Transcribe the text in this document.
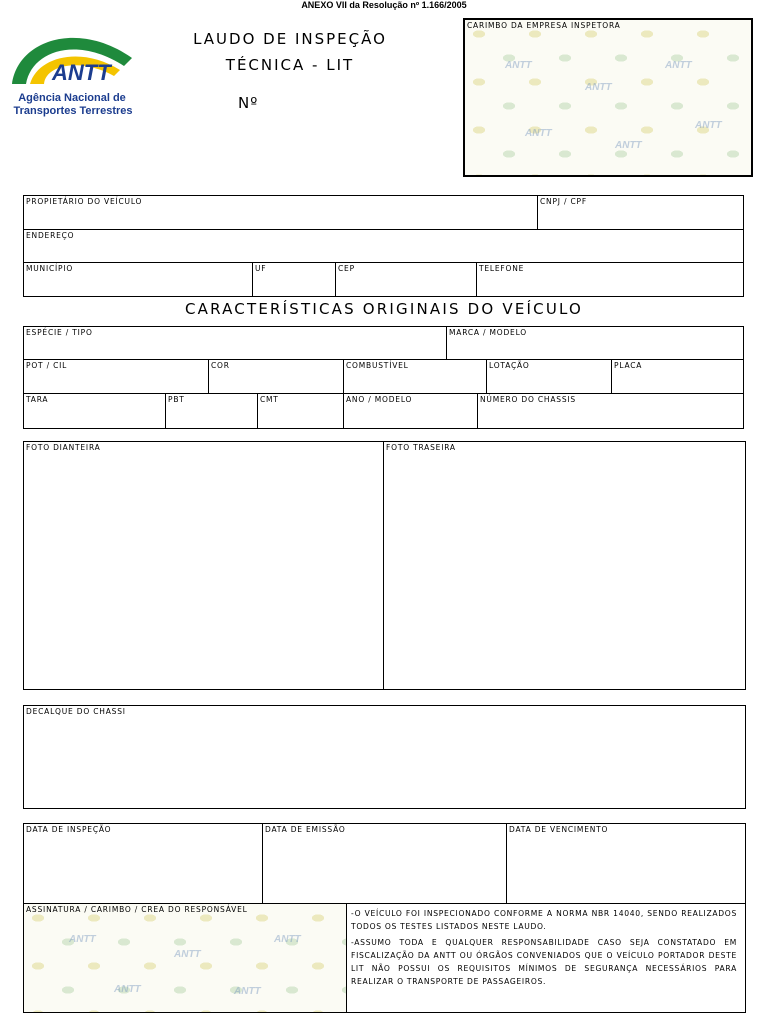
ANEXO VII da Resolução nº 1.166/2005
ANTT
Agência Nacional de
Transportes Terrestres
LAUDO DE INSPEÇÃO
TÉCNICA - LIT
Nº
CARIMBO DA EMPRESA INSPETORA
ANTT
ANTT
ANTT
ANTT
ANTT
ANTT
PROPIETÁRIO DO VEÍCULO	CNPJ / CPF
ENDEREÇO
MUNICÍPIO	UF	CEP	TELEFONE
CARACTERÍSTICAS ORIGINAIS DO VEÍCULO
ESPÉCIE / TIPO	MARCA / MODELO
POT / CIL	COR	COMBUSTÍVEL	LOTAÇÃO	PLACA
TARA	PBT	CMT	ANO / MODELO	NÚMERO DO CHASSIS
FOTO DIANTEIRA	FOTO TRASEIRA
DECALQUE DO CHASSI
DATA DE INSPEÇÃO	DATA DE EMISSÃO	DATA DE VENCIMENTO
ASSINATURA / CARIMBO / CREA DO RESPONSÁVEL
ANTT
ANTT
ANTT
ANTT	ANTT

-O VEÍCULO FOI INSPECIONADO CONFORME A NORMA NBR 14040, SENDO REALIZADOS TODOS OS TESTES LISTADOS NESTE LAUDO.

-ASSUMO TODA E QUALQUER RESPONSABILIDADE CASO SEJA CONSTATADO EM FISCALIZAÇÃO DA ANTT OU ÓRGÃOS CONVENIADOS QUE O VEÍCULO PORTADOR DESTE LIT NÃO POSSUI OS REQUISITOS MÍNIMOS DE SEGURANÇA NECESSÁRIOS PARA REALIZAR O TRANSPORTE DE PASSAGEIROS.
